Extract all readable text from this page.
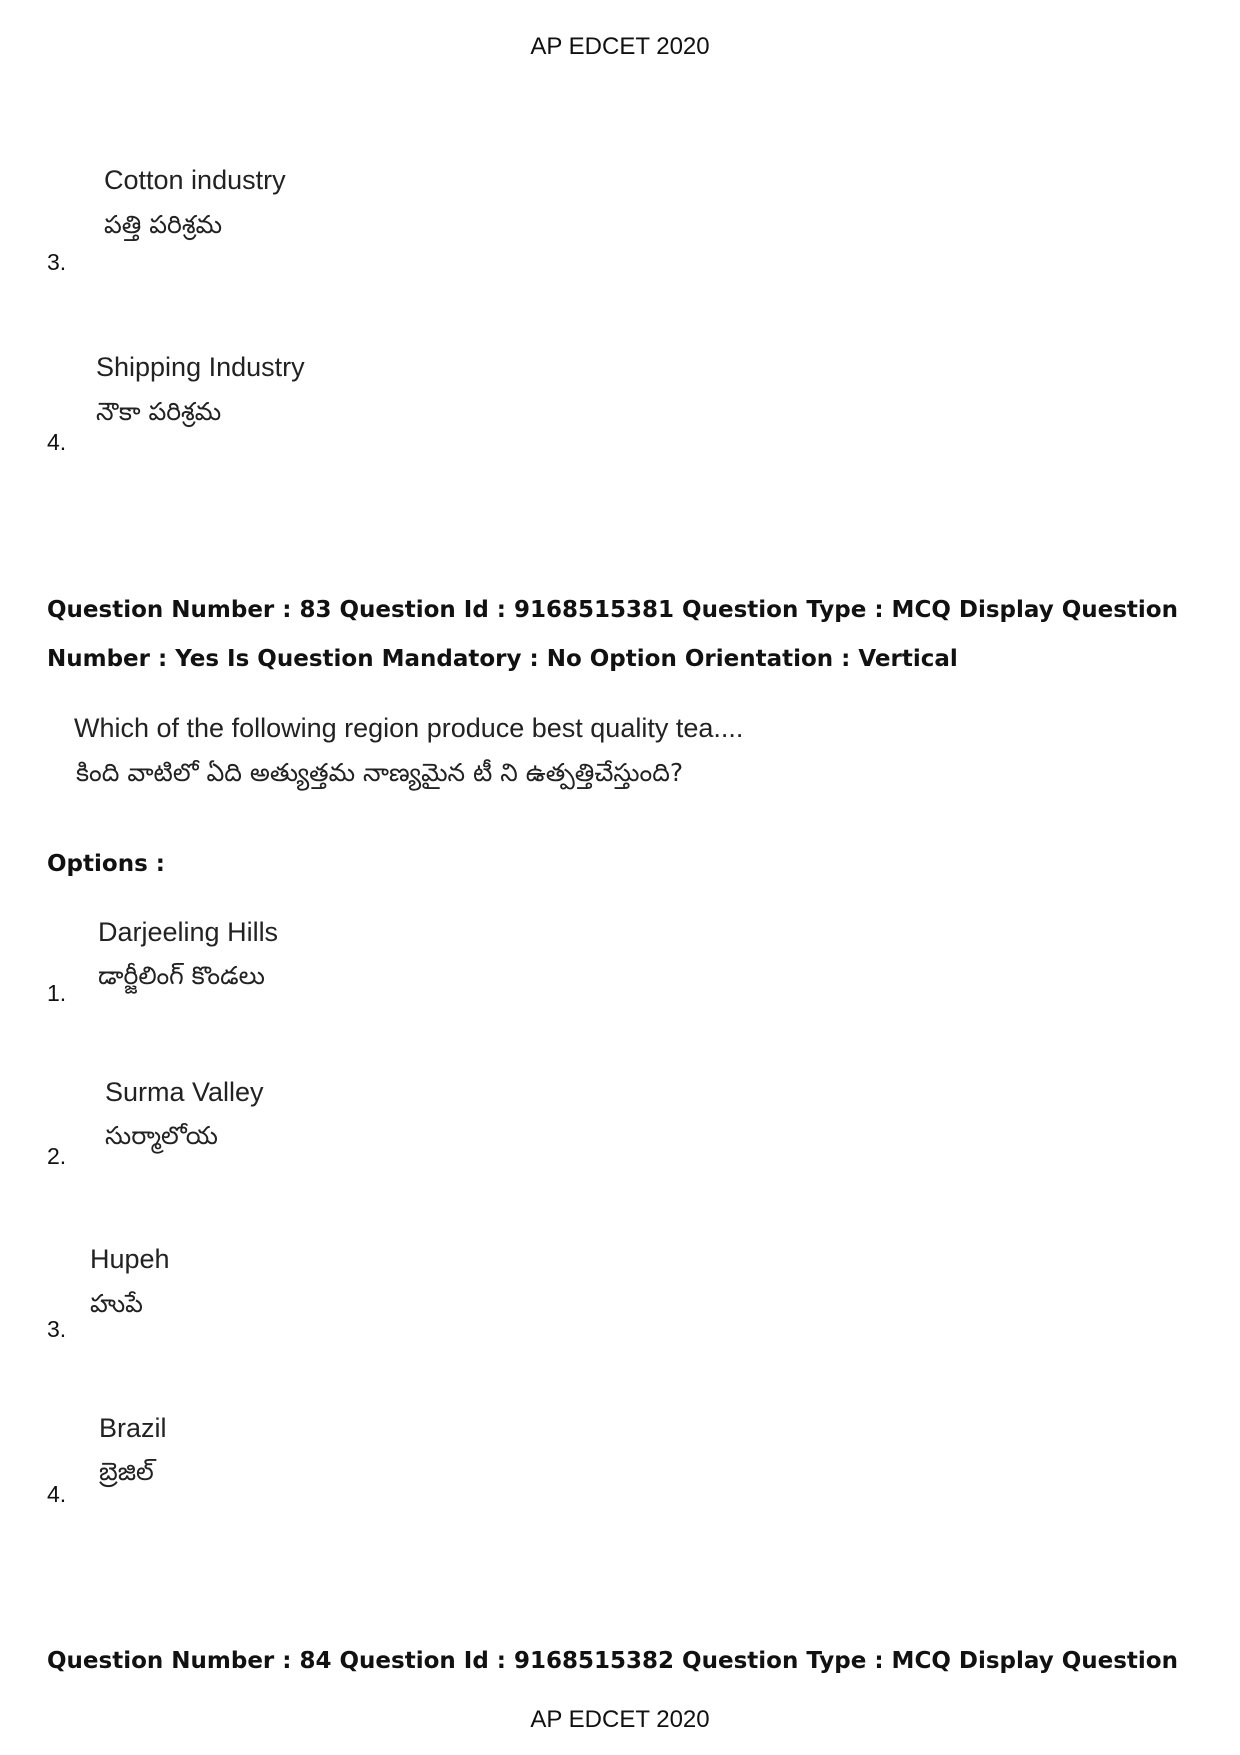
AP EDCET 2020
Cotton industry
పత్తి పరిశ్రమ
3.
Shipping Industry
నౌకా పరిశ్రమ
4.
Question Number : 83 Question Id : 9168515381 Question Type : MCQ Display Question
Number : Yes Is Question Mandatory : No Option Orientation : Vertical
Which of the following region produce best quality tea....
కింది వాటిలో ఏది అత్యుత్తమ నాణ్యమైన టీ ని ఉత్పత్తిచేస్తుంది?
Options :
Darjeeling Hills
డార్జీలింగ్ కొండలు
1.
Surma Valley
సుర్మాలోయ
2.
Hupeh
హుపే
3.
Brazil
బ్రెజిల్
4.
Question Number : 84 Question Id : 9168515382 Question Type : MCQ Display Question
AP EDCET 2020
